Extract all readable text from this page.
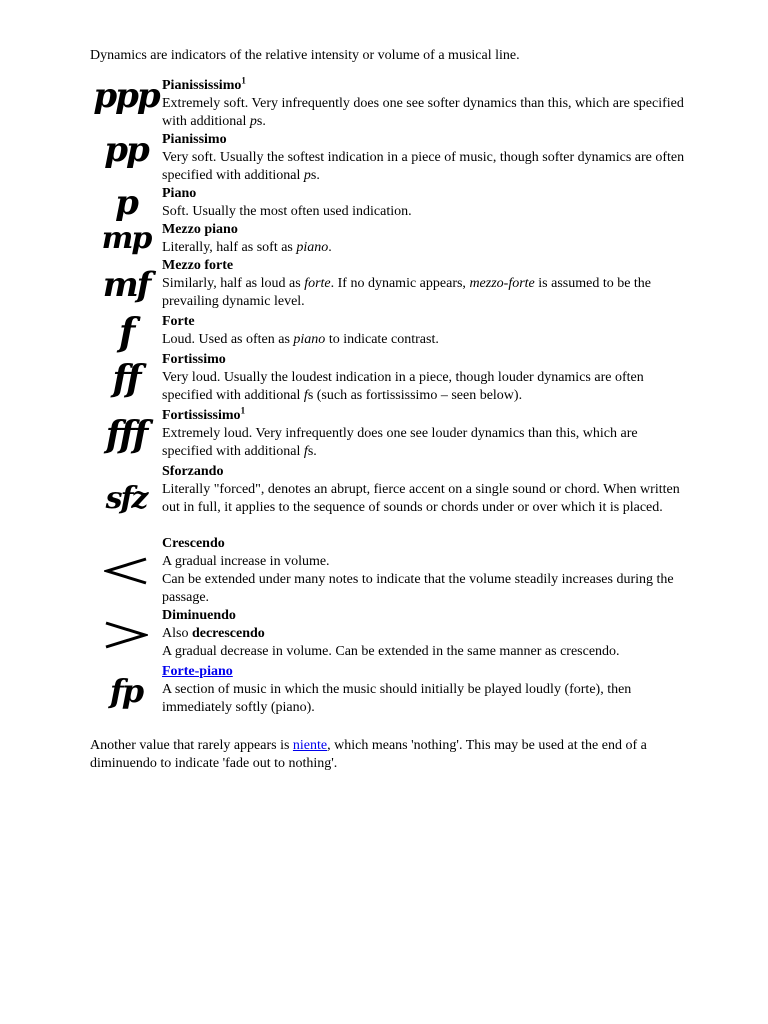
Dynamics are indicators of the relative intensity or volume of a musical line.

ppp Pianississimo$^1$
Extremely soft. Very infrequently does one see softer dynamics than this, which are specified with additional ps.
pp Pianissimo
Very soft. Usually the softest indication in a piece of music, though softer dynamics are often specified with additional ps.
p Piano
Soft. Usually the most often used indication.
mp Mezzo piano
Literally, half as soft as piano.
mf Mezzo forte
Similarly, half as loud as forte. If no dynamic appears, mezzo-forte is assumed to be the prevailing dynamic level.
f Forte
Loud. Used as often as piano to indicate contrast.
ff Fortissimo
Very loud. Usually the loudest indication in a piece, though louder dynamics are often specified with additional fs (such as fortississimo – seen below).
fff Fortississimo$^1$
Extremely loud. Very infrequently does one see louder dynamics than this, which are specified with additional fs.
sfz
Sforzando
Literally "forced", denotes an abrupt, fierce accent on a single sound or chord. When written out in full, it applies to the sequence of sounds or chords under or over which it is placed.
Crescendo
A gradual increase in volume.
Can be extended under many notes to indicate that the volume steadily increases during the passage.
Diminuendo
Also decrescendo
A gradual decrease in volume. Can be extended in the same manner as crescendo.
fp
Forte-piano
A section of music in which the music should initially be played loudly (forte), then immediately softly (piano).

Another value that rarely appears is niente, which means 'nothing'. This may be used at the end of a diminuendo to indicate 'fade out to nothing'.
